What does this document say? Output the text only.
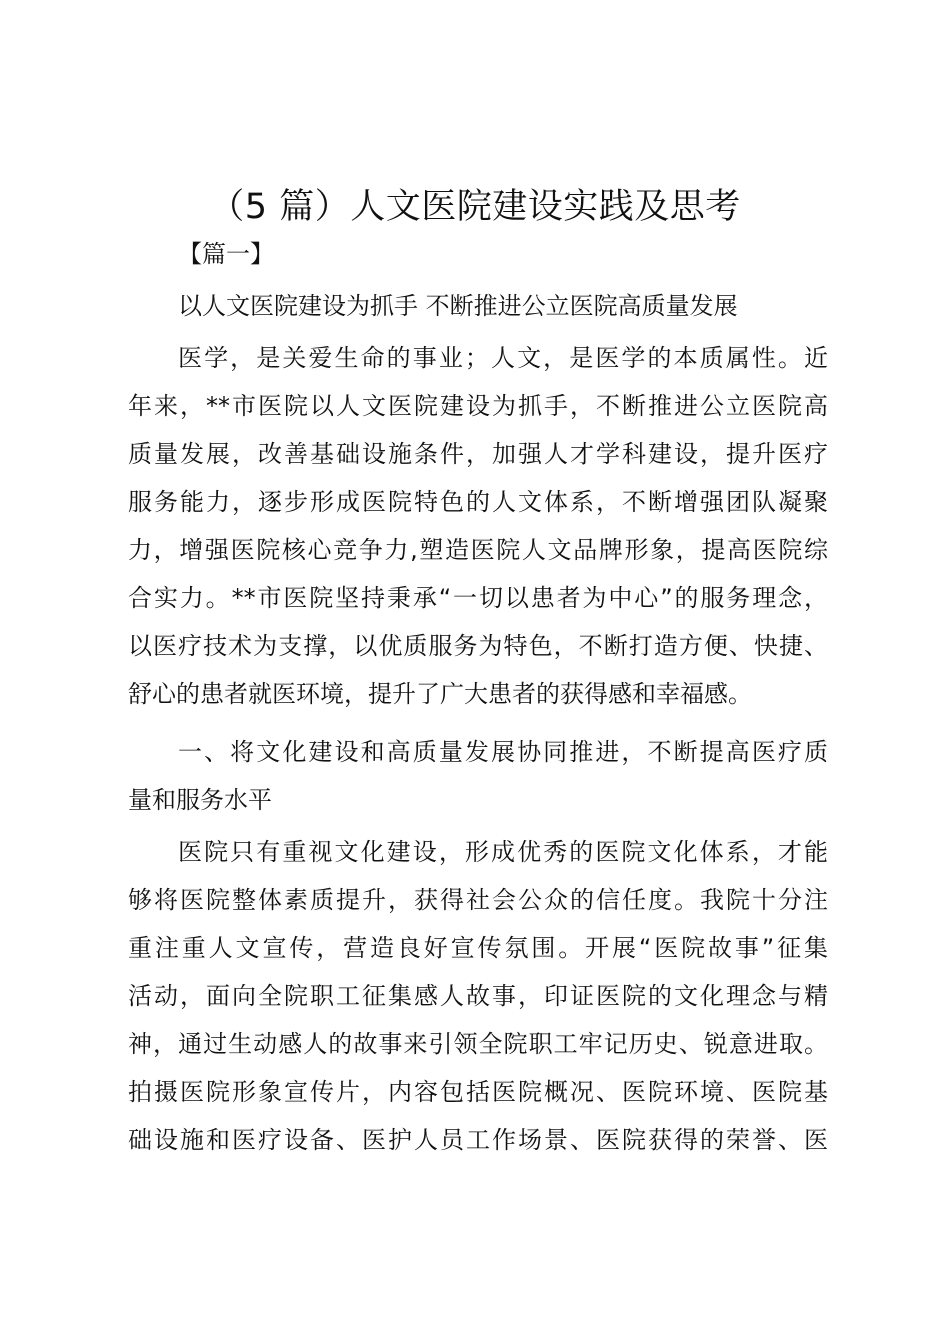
（5 篇）人文医院建设实践及思考
【篇一】
以人文医院建设为抓手 不断推进公立医院高质量发展
医学，是关爱生命的事业；人文，是医学的本质属性。近
年来，**市医院以人文医院建设为抓手，不断推进公立医院高
质量发展，改善基础设施条件，加强人才学科建设，提升医疗
服务能力，逐步形成医院特色的人文体系，不断增强团队凝聚
力，增强医院核心竞争力,塑造医院人文品牌形象，提高医院综
合实力。**市医院坚持秉承“一切以患者为中心”的服务理念，
以医疗技术为支撑，以优质服务为特色，不断打造方便、快捷、
舒心的患者就医环境，提升了广大患者的获得感和幸福感。
一、将文化建设和高质量发展协同推进，不断提高医疗质
量和服务水平
医院只有重视文化建设，形成优秀的医院文化体系，才能
够将医院整体素质提升，获得社会公众的信任度。我院十分注
重注重人文宣传，营造良好宣传氛围。开展“医院故事”征集
活动，面向全院职工征集感人故事，印证医院的文化理念与精
神，通过生动感人的故事来引领全院职工牢记历史、锐意进取。
拍摄医院形象宣传片，内容包括医院概况、医院环境、医院基
础设施和医疗设备、医护人员工作场景、医院获得的荣誉、医
